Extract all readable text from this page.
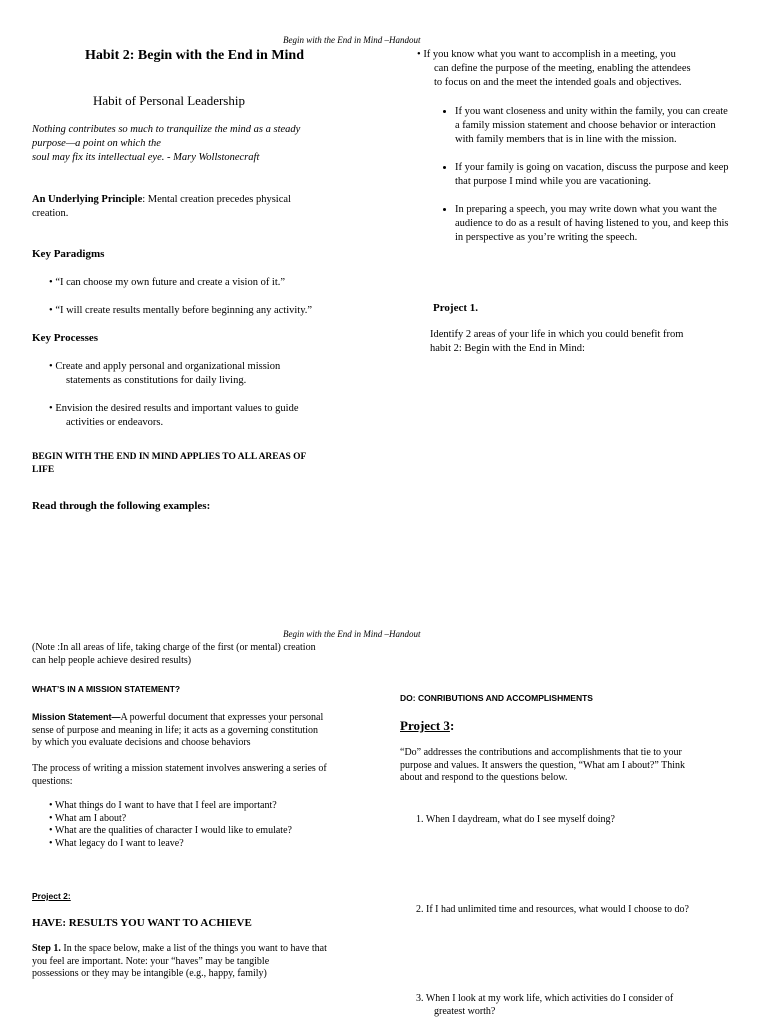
Begin with the End in Mind –Handout
Habit 2: Begin with the End in Mind
Habit of Personal Leadership
Nothing contributes so much to tranquilize the mind as a steady
purpose—a point on which the
soul may fix its intellectual eye. - Mary Wollstonecraft
An Underlying Principle: Mental creation precedes physical
creation.
Key Paradigms
• “I can choose my own future and create a vision of it.”
• “I will create results mentally before beginning any activity.”
Key Processes
• Create and apply personal and organizational mission
statements as constitutions for daily living.
• Envision the desired results and important values to guide
activities or endeavors.
BEGIN WITH THE END IN MIND APPLIES TO ALL AREAS OF
LIFE
Read through the following examples:
• If you know what you want to accomplish in a meeting, you
can define the purpose of the meeting, enabling the attendees
to focus on and the meet the intended goals and objectives.
• If you want closeness and unity within the family, you can create a family mission statement and choose behavior or interaction with family members that is in line with the mission.
• If your family is going on vacation, discuss the purpose and keep that purpose I mind while you are vacationing.
• In preparing a speech, you may write down what you want the audience to do as a result of having listened to you, and keep this in perspective as you’re writing the speech.
Project 1.
Identify 2 areas of your life in which you could benefit from
habit 2: Begin with the End in Mind:
Begin with the End in Mind –Handout
(Note :In all areas of life, taking charge of the first (or mental) creation
can help people achieve desired results)
WHAT’S IN A MISSION STATEMENT?
Mission Statement—A powerful document that expresses your personal
sense of purpose and meaning in life; it acts as a governing constitution
by which you evaluate decisions and choose behaviors
The process of writing a mission statement involves answering a series of
questions:
• What things do I want to have that I feel are important?
• What am I about?
• What are the qualities of character I would like to emulate?
• What legacy do I want to leave?
Project 2:
HAVE: RESULTS YOU WANT TO ACHIEVE
Step 1. In the space below, make a list of the things you want to have that
you feel are important. Note: your “haves” may be tangible
possessions or they may be intangible (e.g., happy, family)
DO: CONRIBUTIONS AND ACCOMPLISHMENTS
Project 3:
“Do” addresses the contributions and accomplishments that tie to your
purpose and values. It answers the question, “What am I about?” Think
about and respond to the questions below.
1. When I daydream, what do I see myself doing?
2. If I had unlimited time and resources, what would I choose to do?
3. When I look at my work life, which activities do I consider of
greatest worth?
